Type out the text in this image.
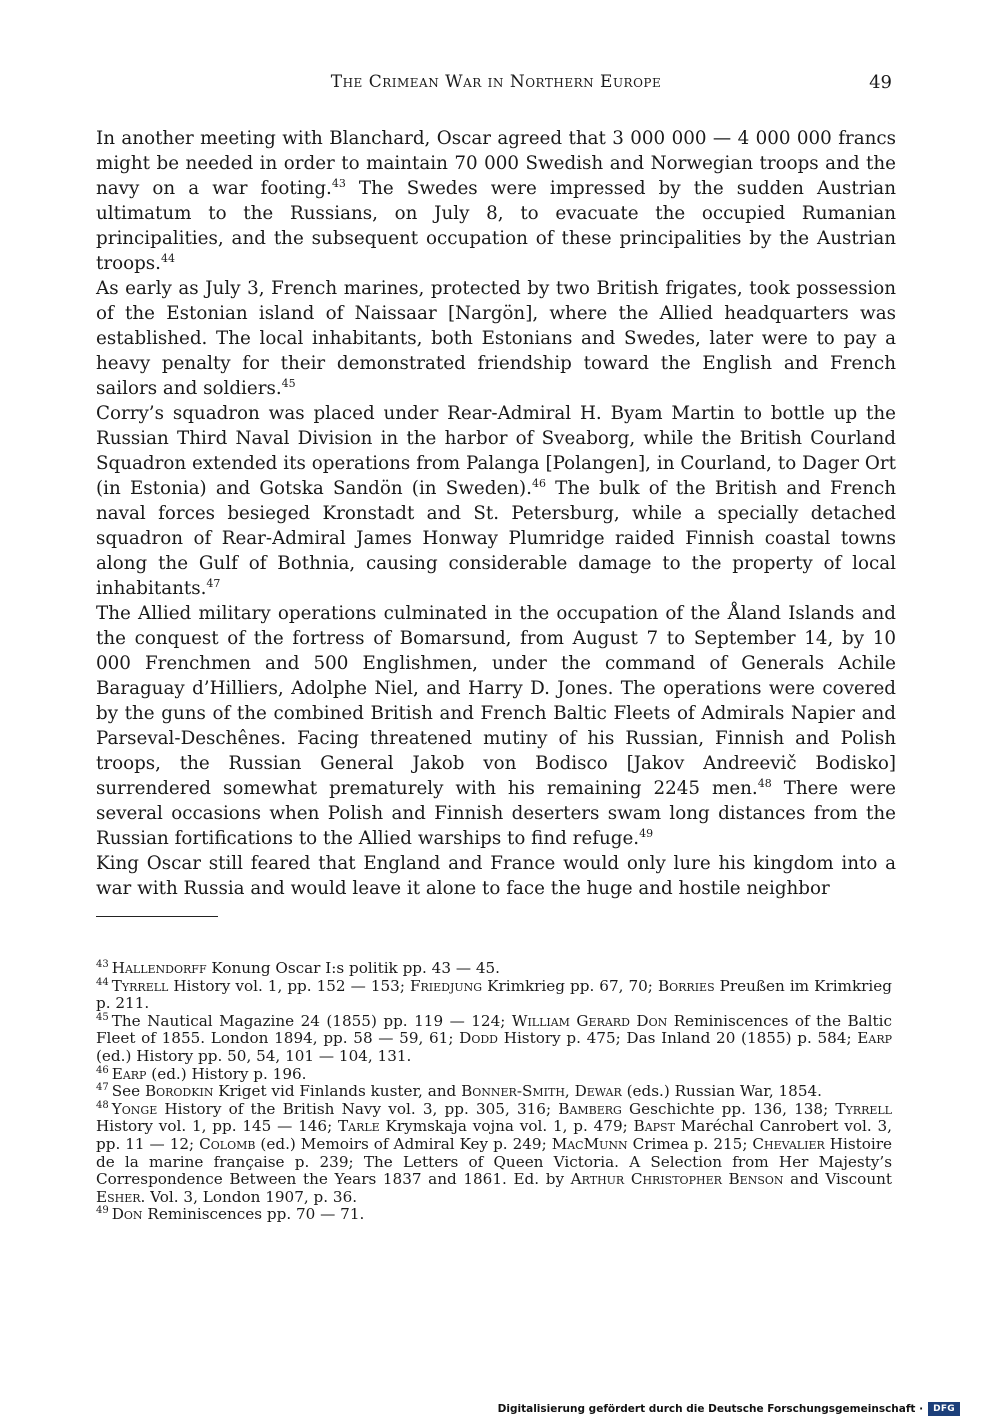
The Crimean War in Northern Europe	49

In another meeting with Blanchard, Oscar agreed that 3 000 000 — 4 000 000 francs might be needed in order to maintain 70 000 Swedish and Norwegian troops and the navy on a war footing.$^{43}$ The Swedes were impressed by the sudden Austrian ultimatum to the Russians, on July 8, to evacuate the occupied Rumanian principalities, and the subsequent occupation of these principalities by the Austrian troops.$^{44}$

As early as July 3, French marines, protected by two British frigates, took possession of the Estonian island of Naissaar [Nargön], where the Allied headquarters was established. The local inhabitants, both Estonians and Swedes, later were to pay a heavy penalty for their demonstrated friendship toward the English and French sailors and soldiers.$^{45}$

Corry’s squadron was placed under Rear-Admiral H. Byam Martin to bottle up the Russian Third Naval Division in the harbor of Sveaborg, while the British Courland Squadron extended its operations from Palanga [Polangen], in Courland, to Dager Ort (in Estonia) and Gotska Sandön (in Sweden).$^{46}$ The bulk of the British and French naval forces besieged Kronstadt and St. Petersburg, while a specially detached squadron of Rear-Admiral James Honway Plumridge raided Finnish coastal towns along the Gulf of Bothnia, causing considerable damage to the property of local inhabitants.$^{47}$

The Allied military operations culminated in the occupation of the Åland Islands and the conquest of the fortress of Bomarsund, from August 7 to September 14, by 10 000 Frenchmen and 500 Englishmen, under the command of Generals Achile Baraguay d’Hilliers, Adolphe Niel, and Harry D. Jones. The operations were covered by the guns of the combined British and French Baltic Fleets of Admirals Napier and Parseval-Deschênes. Facing threatened mutiny of his Russian, Finnish and Polish troops, the Russian General Jakob von Bodisco [Jakov Andreevič Bodisko] surrendered somewhat prematurely with his remaining 2245 men.$^{48}$ There were several occasions when Polish and Finnish deserters swam long distances from the Russian fortifications to the Allied warships to find refuge.$^{49}$

King Oscar still feared that England and France would only lure his kingdom into a war with Russia and would leave it alone to face the huge and hostile neighbor

$^{43}$ Hallendorff Konung Oscar I:s politik pp. 43 — 45.

$^{44}$ Tyrrell History vol. 1, pp. 152 — 153; Friedjung Krimkrieg pp. 67, 70; Borries Preußen im Krimkrieg p. 211.

$^{45}$ The Nautical Magazine 24 (1855) pp. 119 — 124; William Gerard Don Reminiscences of the Baltic Fleet of 1855. London 1894, pp. 58 — 59, 61; Dodd History p. 475; Das Inland 20 (1855) p. 584; Earp (ed.) History pp. 50, 54, 101 — 104, 131.

$^{46}$ Earp (ed.) History p. 196.

$^{47}$ See Borodkin Kriget vid Finlands kuster, and Bonner-Smith, Dewar (eds.) Russian War, 1854.

$^{48}$ Yonge History of the British Navy vol. 3, pp. 305, 316; Bamberg Geschichte pp. 136, 138; Tyrrell History vol. 1, pp. 145 — 146; Tarle Krymskaja vojna vol. 1, p. 479; Bapst Maréchal Canrobert vol. 3, pp. 11 — 12; Colomb (ed.) Memoirs of Admiral Key p. 249; MacMunn Crimea p. 215; Chevalier Histoire de la marine française p. 239; The Letters of Queen Victoria. A Selection from Her Majesty’s Correspondence Between the Years 1837 and 1861. Ed. by Arthur Christopher Benson and Viscount Esher. Vol. 3, London 1907, p. 36.

$^{49}$ Don Reminiscences pp. 70 — 71.

Digitalisierung gefördert durch die Deutsche Forschungsgemeinschaft ·	DFG
